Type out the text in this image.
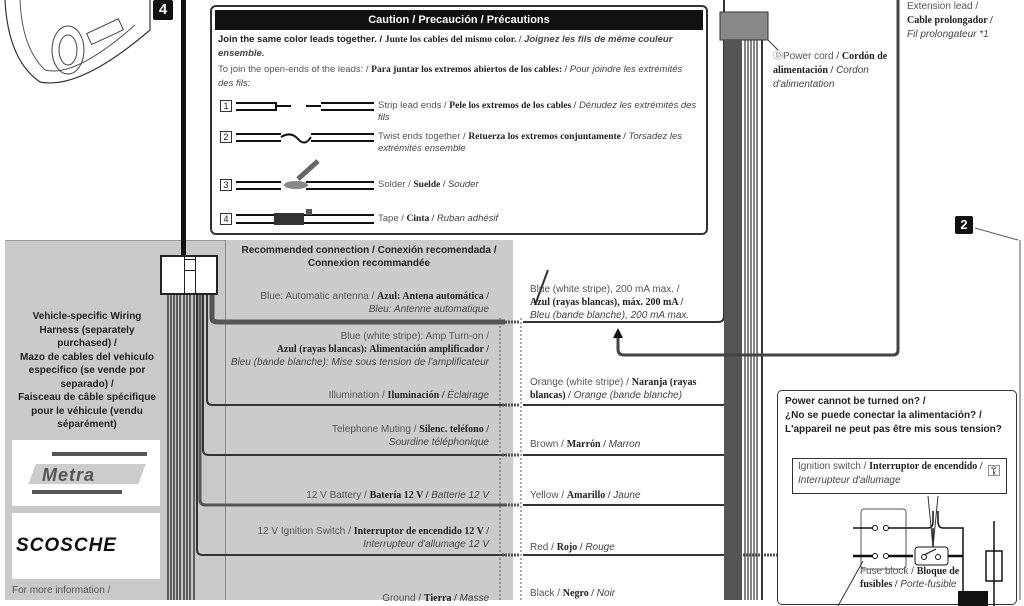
4
Caution / Precaución / Précautions

Join the same color leads together. / Junte los cables del mismo color. / Joignez les fils de même couleur ensemble.

To join the open-ends of the leads: / Para juntar los extremos abiertos de los cables: / Pour joindre les extrémités des fils:

1	Strip lead ends / Pele los extremos de los cables / Dénudez les extrémités des fils
2	Twist ends together / Retuerza los extremos conjuntamente / Torsadez les extrémités ensemble
3	Solder / Suelde / Souder
4	Tape / Cinta / Ruban adhésif
ⒹPower cord / Cordón de alimentación / Cordon d'alimentation
Extension lead /
Cable prolongador /
Fil prolongateur *1
2
Vehicle-specific Wiring Harness (separately purchased) /
Mazo de cables del vehiculo especifico (se vende por separado) /
Faisceau de câble spécifique pour le véhicule (vendu séparément)
Metra
SCOSCHE
For more information /
Recommended connection / Conexión recomendada / Connexion recommandée
Blue: Automatic antenna / Azul: Antena automática /
Bleu: Antenne automatique
Blue (white stripe): Amp Turn-on /
Azul (rayas blancas): Alimentación amplificador /
Bleu (bande blanche): Mise sous tension de l'amplificateur
Illumination / Iluminación / Éclairage
Telephone Muting / Silenc. teléfono /
Sourdine téléphonique
12 V Battery / Batería 12 V / Batterie 12 V
12 V Ignition Switch / Interruptor de encendido 12 V /
Interrupteur d'allumage 12 V
Ground / Tierra / Masse
Blue (white stripe), 200 mA max. /
Azul (rayas blancas), máx. 200 mA /
Bleu (bande blanche), 200 mA max.
Orange (white stripe) / Naranja (rayas blancas) / Orange (bande blanche)
Brown / Marrón / Marron
Yellow / Amarillo / Jaune
Red / Rojo / Rouge
Black / Negro / Noir
Power cannot be turned on? /
¿No se puede conectar la alimentación? /
L'appareil ne peut pas être mis sous tension?
Ignition switch / Interruptor de encendido /
Interrupteur d'allumage
⚿
Fuse block / Bloque de fusibles / Porte-fusible
